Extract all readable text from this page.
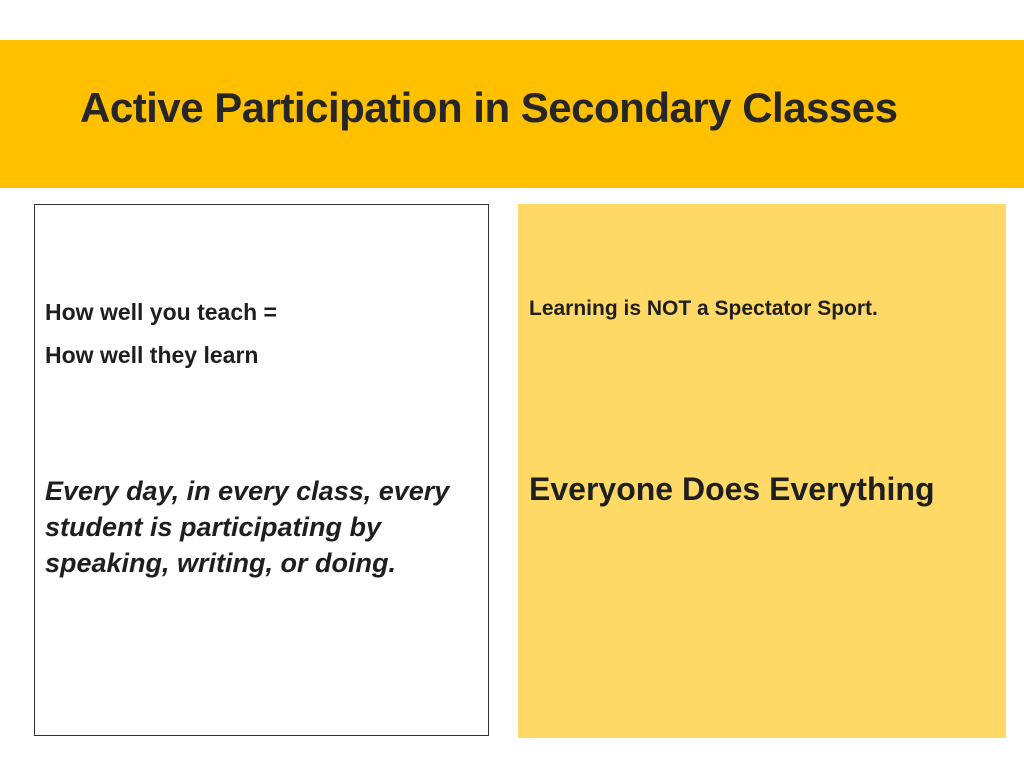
Active Participation in Secondary Classes

How well you teach =

How well they learn

Every day, in every class, every student is participating by speaking, writing, or doing.

Learning is NOT a Spectator Sport.

Everyone Does Everything
